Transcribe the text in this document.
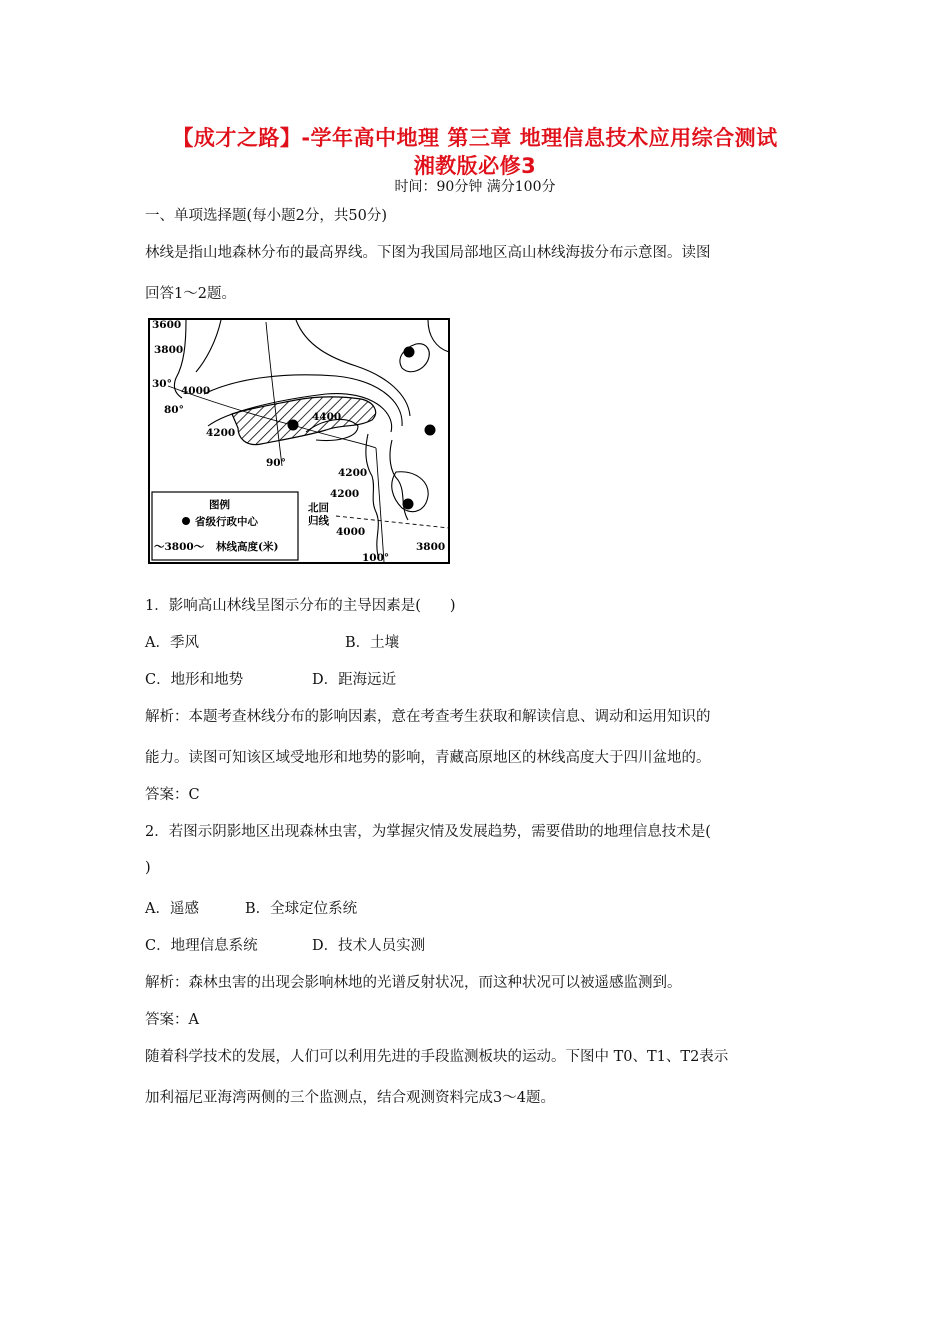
【成才之路】-学年高中地理 第三章 地理信息技术应用综合测试
湘教版必修3
时间：90分钟 满分100分
一、单项选择题(每小题2分，共50分)
林线是指山地森林分布的最高界线。下图为我国局部地区高山林线海拔分布示意图。读图
回答1～2题。
3600
3800
4000
4400
4200
4200
4200
4000
3800
30°
80°
90°
100°
北回
归线
图例
省级行政中心
～3800～ 林线高度(米)
1．影响高山林线呈图示分布的主导因素是(　　)
A．季风	B．土壤
C．地形和地势	D．距海远近
解析：本题考查林线分布的影响因素，意在考查考生获取和解读信息、调动和运用知识的
能力。读图可知该区域受地形和地势的影响，青藏高原地区的林线高度大于四川盆地的。
答案：C
2．若图示阴影地区出现森林虫害，为掌握灾情及发展趋势，需要借助的地理信息技术是(
)
A．遥感	B．全球定位系统
C．地理信息系统	D．技术人员实测
解析：森林虫害的出现会影响林地的光谱反射状况，而这种状况可以被遥感监测到。
答案：A
随着科学技术的发展，人们可以利用先进的手段监测板块的运动。下图中 T0、T1、T2表示
加利福尼亚海湾两侧的三个监测点，结合观测资料完成3～4题。
